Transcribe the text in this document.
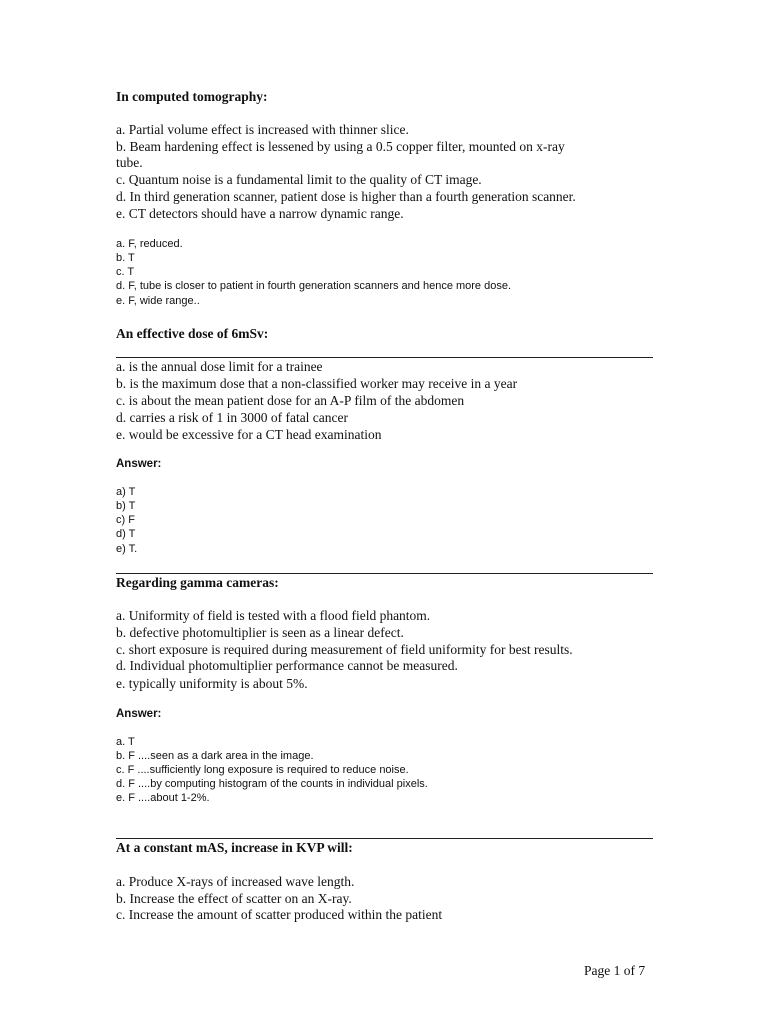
In computed tomography:
a. Partial volume effect is increased with thinner slice.
b. Beam hardening effect is lessened by using a 0.5 copper filter, mounted on x-ray
tube.
c. Quantum noise is a fundamental limit to the quality of CT image.
d. In third generation scanner, patient dose is higher than a fourth generation scanner.
e. CT detectors should have a narrow dynamic range.
a. F, reduced.
b. T
c. T
d. F, tube is closer to patient in fourth generation scanners and hence more dose.
e. F, wide range..
An effective dose of 6mSv:
a. is the annual dose limit for a trainee
b. is the maximum dose that a non-classified worker may receive in a year
c. is about the mean patient dose for an A-P film of the abdomen
d. carries a risk of 1 in 3000 of fatal cancer
e. would be excessive for a CT head examination
Answer:
a) T
b) T
c) F
d) T
e) T.
Regarding gamma cameras:
a. Uniformity of field is tested with a flood field phantom.
b. defective photomultiplier is seen as a linear defect.
c. short exposure is required during measurement of field uniformity for best results.
d. Individual photomultiplier performance cannot be measured.
e. typically uniformity is about 5%.
Answer:
a. T
b. F ....seen as a dark area in the image.
c. F ....sufficiently long exposure is required to reduce noise.
d. F ....by computing histogram of the counts in individual pixels.
e. F ....about 1-2%.
At a constant mAS, increase in KVP will:
a. Produce X-rays of increased wave length.
b. Increase the effect of scatter on an X-ray.
c. Increase the amount of scatter produced within the patient
Page 1 of 7
